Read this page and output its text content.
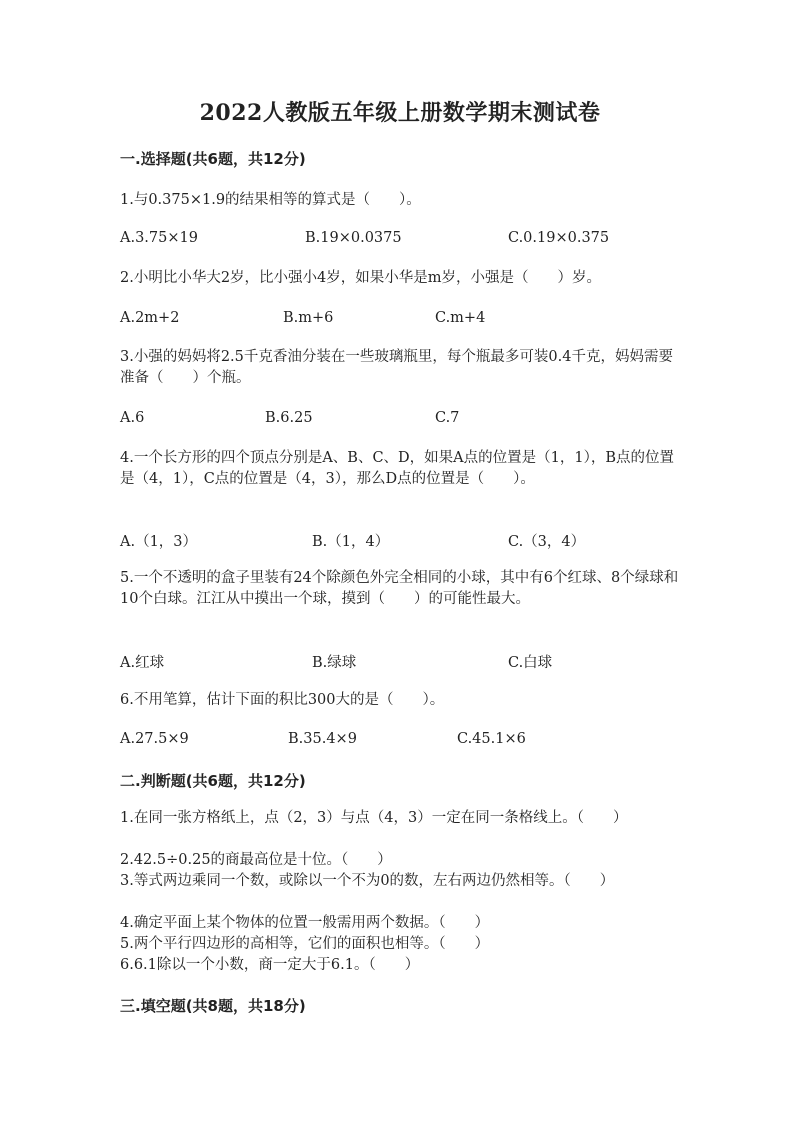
2022人教版五年级上册数学期末测试卷
一.选择题(共6题，共12分)
1.与0.375×1.9的结果相等的算式是（　　）。
A.3.75×19	B.19×0.0375	C.0.19×0.375
2.小明比小华大2岁，比小强小4岁，如果小华是m岁，小强是（　　）岁。
A.2m+2	B.m+6	C.m+4
3.小强的妈妈将2.5千克香油分装在一些玻璃瓶里，每个瓶最多可装0.4千克，妈妈需要准备（　　）个瓶。
A.6	B.6.25	C.7
4.一个长方形的四个顶点分别是A、B、C、D，如果A点的位置是（1，1），B点的位置是（4，1），C点的位置是（4，3），那么D点的位置是（　　）。
A.（1，3）	B.（1，4）	C.（3，4）
5.一个不透明的盒子里装有24个除颜色外完全相同的小球，其中有6个红球、8个绿球和10个白球。江江从中摸出一个球，摸到（　　）的可能性最大。
A.红球	B.绿球	C.白球
6.不用笔算，估计下面的积比300大的是（　　）。
A.27.5×9	B.35.4×9	C.45.1×6
二.判断题(共6题，共12分)
1.在同一张方格纸上，点（2，3）与点（4，3）一定在同一条格线上。（　　）
2.42.5÷0.25的商最高位是十位。（　　）
3.等式两边乘同一个数，或除以一个不为0的数，左右两边仍然相等。（　　）
4.确定平面上某个物体的位置一般需用两个数据。（　　）
5.两个平行四边形的高相等，它们的面积也相等。（　　）
6.6.1除以一个小数，商一定大于6.1。（　　）
三.填空题(共8题，共18分)
